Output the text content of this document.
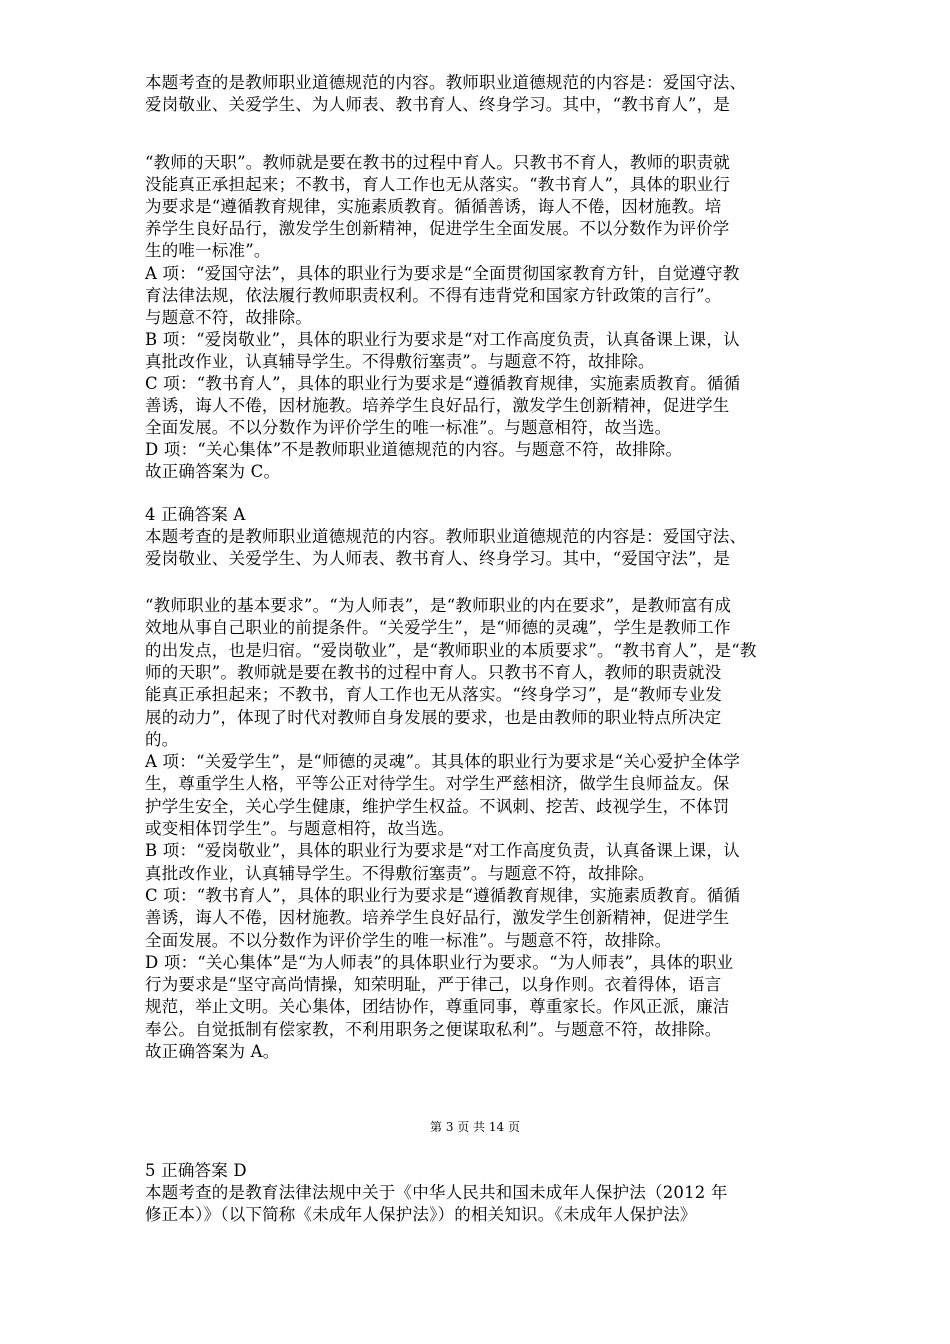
本题考查的是教师职业道德规范的内容。教师职业道德规范的内容是：爱国守法、
爱岗敬业、关爱学生、为人师表、教书育人、终身学习。其中，“教书育人”，是
“教师的天职”。教师就是要在教书的过程中育人。只教书不育人，教师的职责就
没能真正承担起来；不教书，育人工作也无从落实。“教书育人”，具体的职业行
为要求是“遵循教育规律，实施素质教育。循循善诱，诲人不倦，因材施教。培
养学生良好品行，激发学生创新精神，促进学生全面发展。不以分数作为评价学
生的唯一标准”。
A 项：“爱国守法”，具体的职业行为要求是“全面贯彻国家教育方针，自觉遵守教
育法律法规，依法履行教师职责权利。不得有违背党和国家方针政策的言行”。
与题意不符，故排除。
B 项：“爱岗敬业”，具体的职业行为要求是“对工作高度负责，认真备课上课，认
真批改作业，认真辅导学生。不得敷衍塞责”。与题意不符，故排除。
C 项：“教书育人”，具体的职业行为要求是“遵循教育规律，实施素质教育。循循
善诱，诲人不倦，因材施教。培养学生良好品行，激发学生创新精神，促进学生
全面发展。不以分数作为评价学生的唯一标准”。与题意相符，故当选。
D 项：“关心集体”不是教师职业道德规范的内容。与题意不符，故排除。
故正确答案为 C。
4 正确答案 A
本题考查的是教师职业道德规范的内容。教师职业道德规范的内容是：爱国守法、
爱岗敬业、关爱学生、为人师表、教书育人、终身学习。其中，“爱国守法”，是
“教师职业的基本要求”。“为人师表”，是“教师职业的内在要求”，是教师富有成
效地从事自己职业的前提条件。“关爱学生”，是“师德的灵魂”，学生是教师工作
的出发点，也是归宿。“爱岗敬业”，是“教师职业的本质要求”。“教书育人”，是“教
师的天职”。教师就是要在教书的过程中育人。只教书不育人，教师的职责就没
能真正承担起来；不教书，育人工作也无从落实。“终身学习”，是“教师专业发
展的动力”，体现了时代对教师自身发展的要求，也是由教师的职业特点所决定
的。
A 项：“关爱学生”，是“师德的灵魂”。其具体的职业行为要求是“关心爱护全体学
生，尊重学生人格，平等公正对待学生。对学生严慈相济，做学生良师益友。保
护学生安全，关心学生健康，维护学生权益。不讽刺、挖苦、歧视学生，不体罚
或变相体罚学生”。与题意相符，故当选。
B 项：“爱岗敬业”，具体的职业行为要求是“对工作高度负责，认真备课上课，认
真批改作业，认真辅导学生。不得敷衍塞责”。与题意不符，故排除。
C 项：“教书育人”，具体的职业行为要求是“遵循教育规律，实施素质教育。循循
善诱，诲人不倦，因材施教。培养学生良好品行，激发学生创新精神，促进学生
全面发展。不以分数作为评价学生的唯一标准”。与题意不符，故排除。
D 项：“关心集体”是“为人师表”的具体职业行为要求。“为人师表”，具体的职业
行为要求是“坚守高尚情操，知荣明耻，严于律己，以身作则。衣着得体，语言
规范，举止文明。关心集体，团结协作，尊重同事，尊重家长。作风正派，廉洁
奉公。自觉抵制有偿家教，不利用职务之便谋取私利”。与题意不符，故排除。
故正确答案为 A。
5 正确答案 D
本题考查的是教育法律法规中关于《中华人民共和国未成年人保护法（2012 年
修正本）》（以下简称《未成年人保护法》）的相关知识。《未成年人保护法》
第 3 页 共 14 页
